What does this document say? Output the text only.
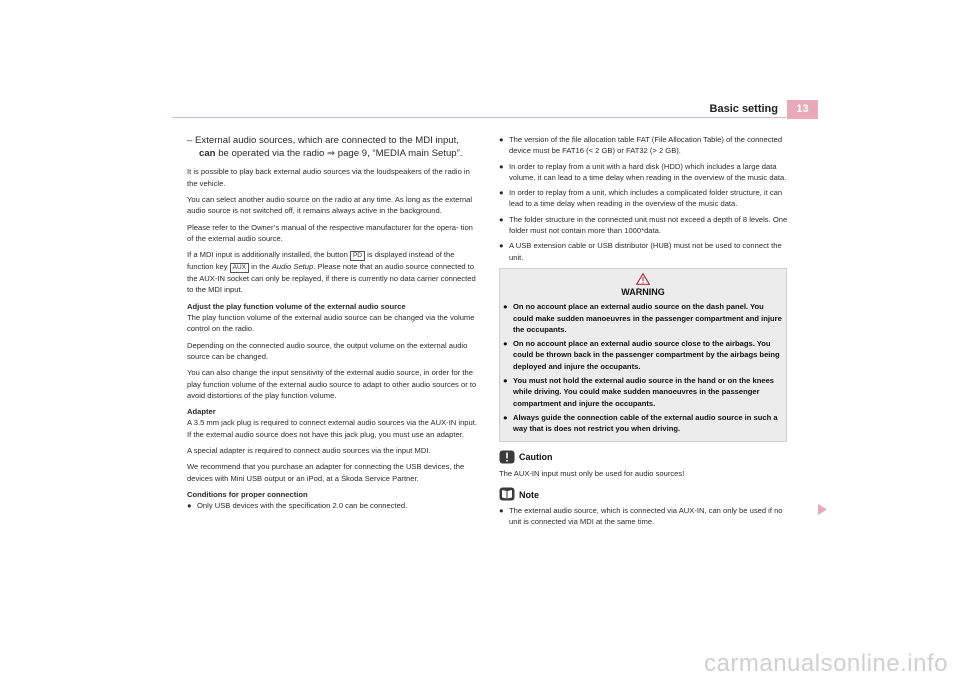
Basic setting	13
– External audio sources, which are connected to the MDI input, can be operated via the radio ⇒ page 9, “MEDIA main Setup”.

It is possible to play back external audio sources via the loudspeakers of the radio in the vehicle.

You can select another audio source on the radio at any time. As long as the external audio source is not switched off, it remains always active in the background.

Please refer to the Owner’s manual of the respective manufacturer for the opera- tion of the external audio source.

If a MDI input is additionally installed, the button PD is displayed instead of the function key AUX in the Audio Setup. Please note that an audio source connected to the AUX-IN socket can only be replayed, if there is currently no data carrier connected to the MDI input.

Adjust the play function volume of the external audio source

The play function volume of the external audio source can be changed via the volume control on the radio.

Depending on the connected audio source, the output volume on the external audio source can be changed.

You can also change the input sensitivity of the external audio source, in order for the play function volume of the external audio source to adapt to other audio sources or to avoid distortions of the play function volume.

Adapter

A 3.5 mm jack plug is required to connect external audio sources via the AUX-IN input. If the external audio source does not have this jack plug, you must use an adapter.

A special adapter is required to connect audio sources via the input MDI.

We recommend that you purchase an adapter for connecting the USB devices, the devices with Mini USB output or an iPod, at a Škoda Service Partner.

Conditions for proper connection

● Only USB devices with the specification 2.0 can be connected.

● The version of the file allocation table FAT (File Allocation Table) of the connected device must be FAT16 (< 2 GB) or FAT32 (> 2 GB).

● In order to replay from a unit with a hard disk (HDD) which includes a large data volume, it can lead to a time delay when reading in the overview of the music data.

● In order to replay from a unit, which includes a complicated folder structure, it can lead to a time delay when reading in the overview of the music data.

● The folder structure in the connected unit must not exceed a depth of 8 levels. One folder must not contain more than 1000*data.

● A USB extension cable or USB distributor (HUB) must not be used to connect the unit.

WARNING

● On no account place an external audio source on the dash panel. You could make sudden manoeuvres in the passenger compartment and injure the occupants.

● On no account place an external audio source close to the airbags. You could be thrown back in the passenger compartment by the airbags being deployed and injure the occupants.

● You must not hold the external audio source in the hand or on the knees while driving. You could make sudden manoeuvres in the passenger compartment and injure the occupants.

● Always guide the connection cable of the external audio source in such a way that is does not restrict you when driving.

Caution

The AUX-IN input must only be used for audio sources!

Note

● The external audio source, which is connected via AUX-IN, can only be used if no unit is connected via MDI at the same time.

carmanualsonline.info
